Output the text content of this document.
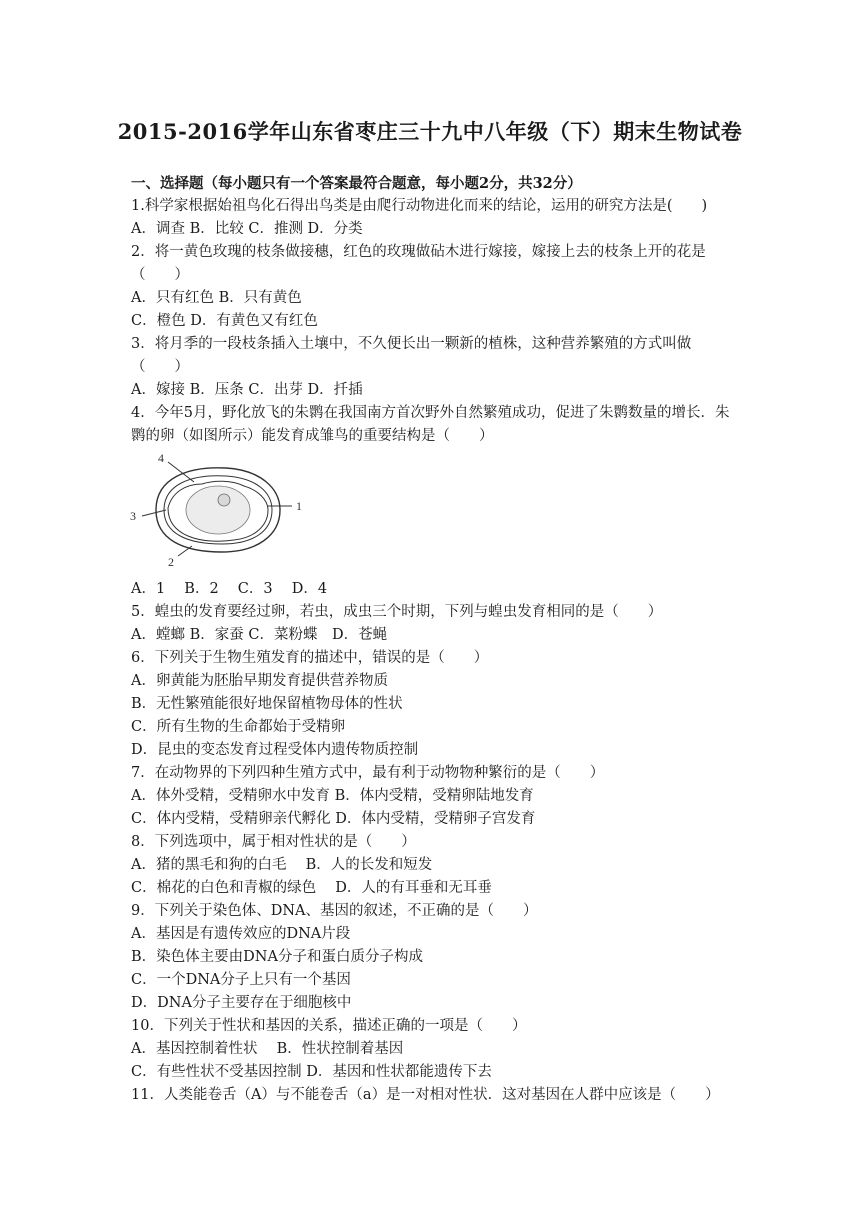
2015-2016学年山东省枣庄三十九中八年级（下）期末生物试卷
一、选择题（每小题只有一个答案最符合题意，每小题2分，共32分）
1.科学家根据始祖鸟化石得出鸟类是由爬行动物进化而来的结论，运用的研究方法是(　　)
A．调查 B．比较 C．推测 D．分类
2．将一黄色玫瑰的枝条做接穗，红色的玫瑰做砧木进行嫁接，嫁接上去的枝条上开的花是
（　　）
A．只有红色 B．只有黄色
C．橙色 D．有黄色又有红色
3．将月季的一段枝条插入土壤中，不久便长出一颗新的植株，这种营养繁殖的方式叫做
（　　）
A．嫁接 B．压条 C．出芽 D．扦插
4．今年5月，野化放飞的朱鹮在我国南方首次野外自然繁殖成功，促进了朱鹮数量的增长．朱
鹮的卵（如图所示）能发育成雏鸟的重要结构是（　　）
4
1
3
2
A．1　 B．2　 C．3　 D．4
5．蝗虫的发育要经过卵，若虫，成虫三个时期，下列与蝗虫发育相同的是（　　）
A．螳螂 B．家蚕 C．菜粉蝶　D．苍蝇
6．下列关于生物生殖发育的描述中，错误的是（　　）
A．卵黄能为胚胎早期发育提供营养物质
B．无性繁殖能很好地保留植物母体的性状
C．所有生物的生命都始于受精卵
D．昆虫的变态发育过程受体内遗传物质控制
7．在动物界的下列四种生殖方式中，最有利于动物物种繁衍的是（　　）
A．体外受精，受精卵水中发育 B．体内受精，受精卵陆地发育
C．体内受精，受精卵亲代孵化 D．体内受精，受精卵子宫发育
8．下列选项中，属于相对性状的是（　　）
A．猪的黑毛和狗的白毛　 B．人的长发和短发
C．棉花的白色和青椒的绿色　 D．人的有耳垂和无耳垂
9．下列关于染色体、DNA、基因的叙述，不正确的是（　　）
A．基因是有遗传效应的DNA片段
B．染色体主要由DNA分子和蛋白质分子构成
C．一个DNA分子上只有一个基因
D．DNA分子主要存在于细胞核中
10．下列关于性状和基因的关系，描述正确的一项是（　　）
A．基因控制着性状　 B．性状控制着基因
C．有些性状不受基因控制 D．基因和性状都能遗传下去
11．人类能卷舌（A）与不能卷舌（a）是一对相对性状．这对基因在人群中应该是（　　）
